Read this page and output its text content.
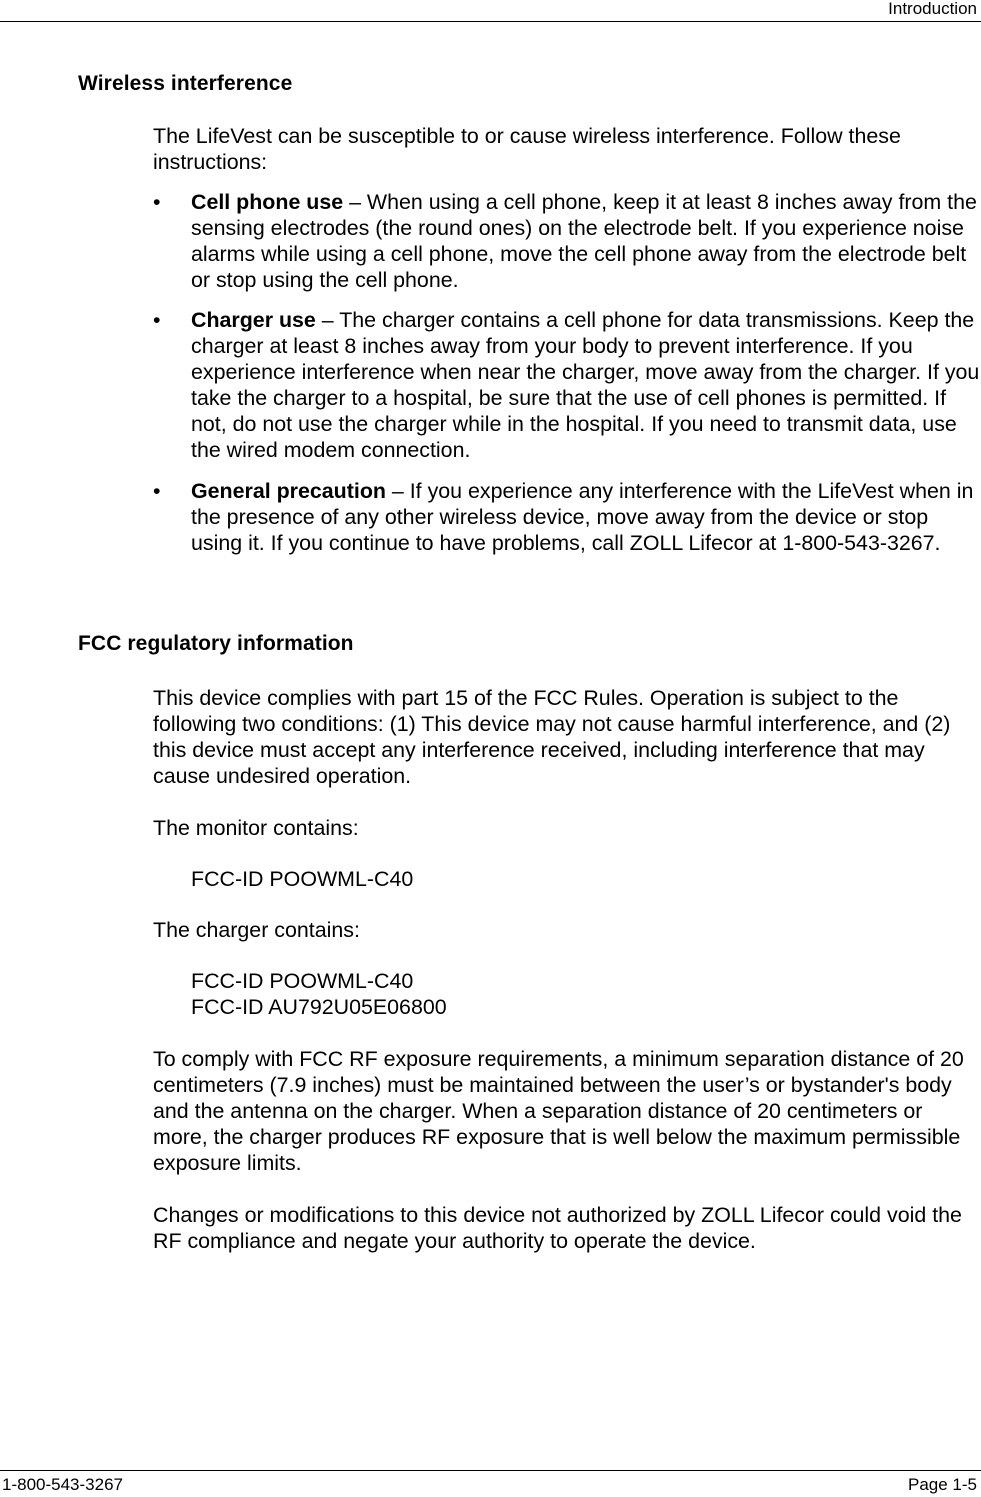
Introduction
Wireless interference
The LifeVest can be susceptible to or cause wireless interference. Follow these instructions:
•	Cell phone use – When using a cell phone, keep it at least 8 inches away from the sensing electrodes (the round ones) on the electrode belt. If you experience noise alarms while using a cell phone, move the cell phone away from the electrode belt or stop using the cell phone.
•	Charger use – The charger contains a cell phone for data transmissions. Keep the charger at least 8 inches away from your body to prevent interference. If you experience interference when near the charger, move away from the charger. If you take the charger to a hospital, be sure that the use of cell phones is permitted. If not, do not use the charger while in the hospital. If you need to transmit data, use the wired modem connection.
•	General precaution – If you experience any interference with the LifeVest when in the presence of any other wireless device, move away from the device or stop using it. If you continue to have problems, call ZOLL Lifecor at 1-800-543-3267.
FCC regulatory information
This device complies with part 15 of the FCC Rules. Operation is subject to the following two conditions: (1) This device may not cause harmful interference, and (2) this device must accept any interference received, including interference that may cause undesired operation.
The monitor contains:
FCC-ID POOWML-C40
The charger contains:
FCC-ID POOWML-C40
FCC-ID AU792U05E06800
To comply with FCC RF exposure requirements, a minimum separation distance of 20 centimeters (7.9 inches) must be maintained between the user’s or bystander's body and the antenna on the charger. When a separation distance of 20 centimeters or more, the charger produces RF exposure that is well below the maximum permissible exposure limits.
Changes or modifications to this device not authorized by ZOLL Lifecor could void the RF compliance and negate your authority to operate the device.
1-800-543-3267	Page 1-5
